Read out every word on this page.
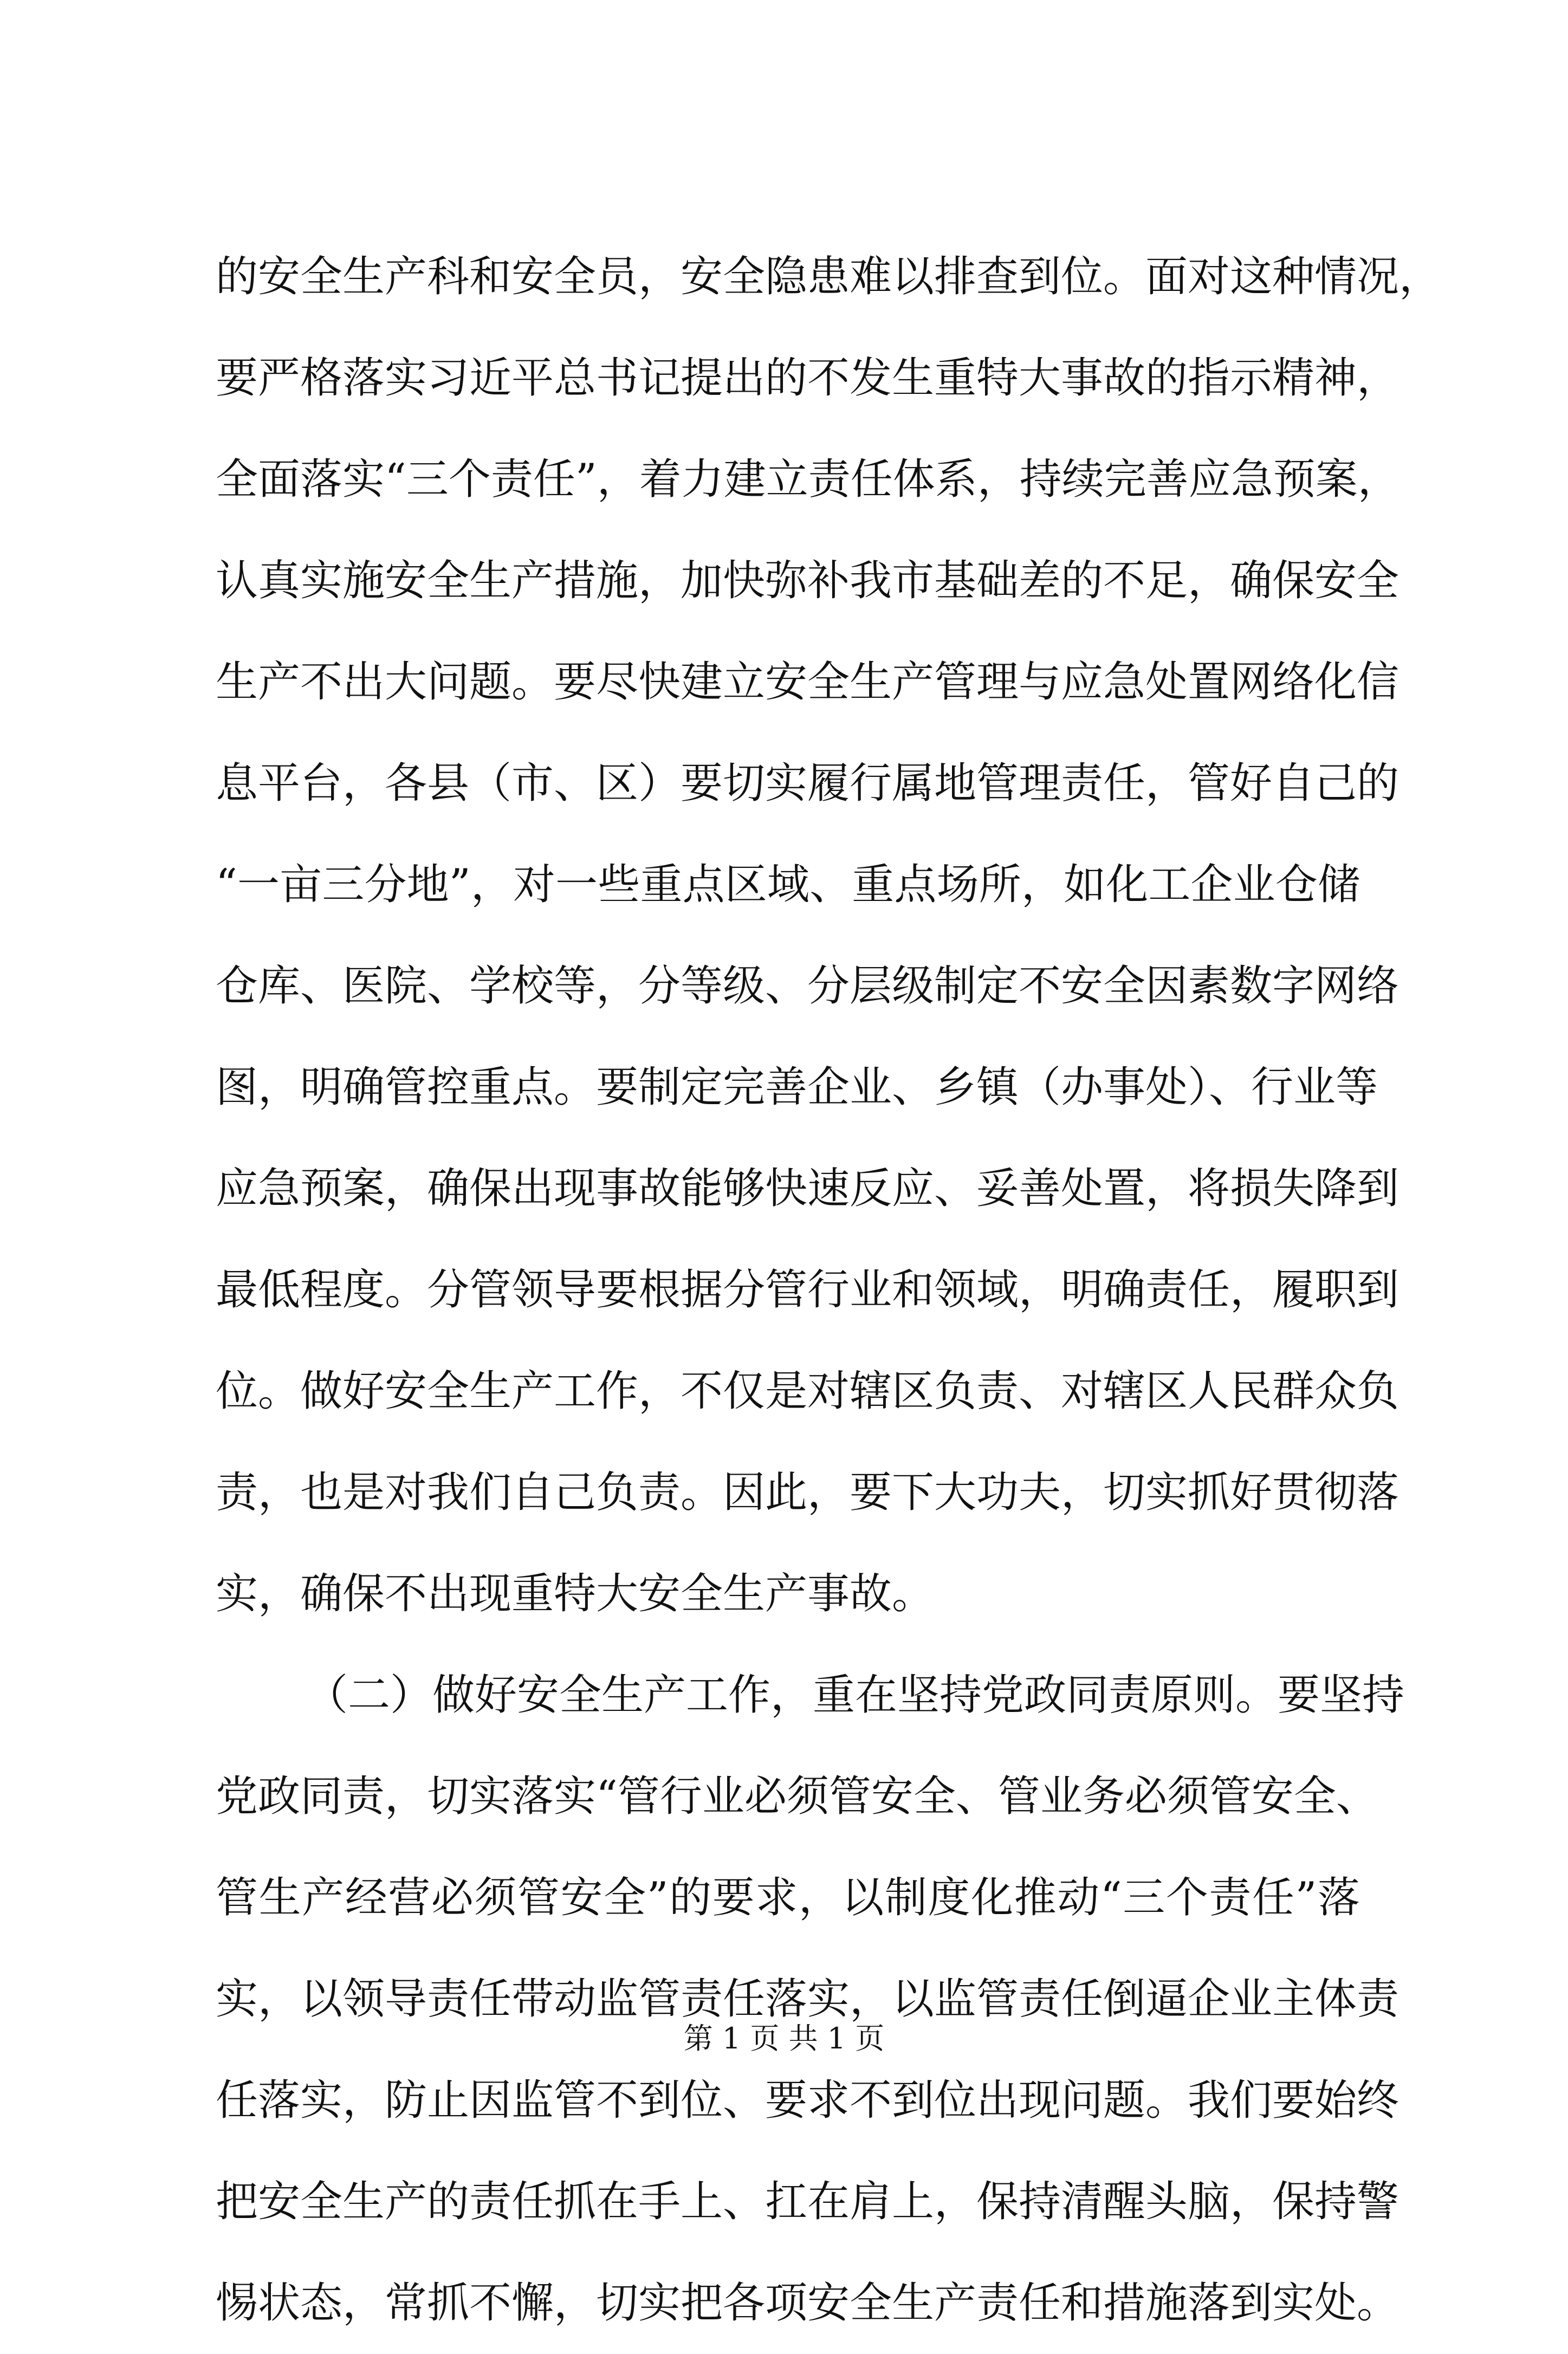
的安全生产科和安全员，安全隐患难以排查到位。面对这种情况，
要严格落实习近平总书记提出的不发生重特大事故的指示精神，
全面落实“三个责任”，着力建立责任体系，持续完善应急预案，
认真实施安全生产措施，加快弥补我市基础差的不足，确保安全
生产不出大问题。要尽快建立安全生产管理与应急处置网络化信
息平台，各县（市、区）要切实履行属地管理责任，管好自己的
“一亩三分地”，对一些重点区域、重点场所，如化工企业仓储
仓库、医院、学校等，分等级、分层级制定不安全因素数字网络
图，明确管控重点。要制定完善企业、乡镇（办事处）、行业等
应急预案，确保出现事故能够快速反应、妥善处置，将损失降到
最低程度。分管领导要根据分管行业和领域，明确责任，履职到
位。做好安全生产工作，不仅是对辖区负责、对辖区人民群众负
责，也是对我们自己负责。因此，要下大功夫，切实抓好贯彻落
实，确保不出现重特大安全生产事故。
（二）做好安全生产工作，重在坚持党政同责原则。要坚持
党政同责，切实落实“管行业必须管安全、管业务必须管安全、
管生产经营必须管安全”的要求，以制度化推动“三个责任”落
实，以领导责任带动监管责任落实，以监管责任倒逼企业主体责
任落实，防止因监管不到位、要求不到位出现问题。我们要始终
把安全生产的责任抓在手上、扛在肩上，保持清醒头脑，保持警
惕状态，常抓不懈，切实把各项安全生产责任和措施落到实处。
第 1 页 共 1 页
